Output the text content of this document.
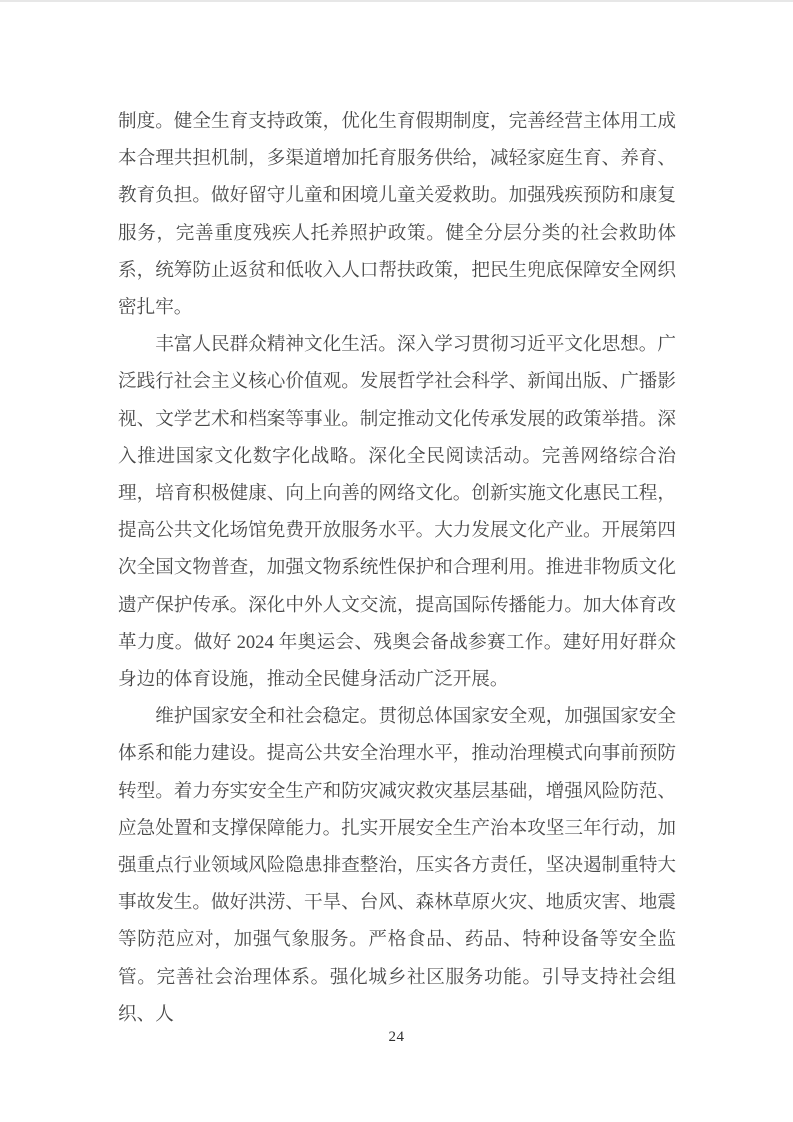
制度。健全生育支持政策，优化生育假期制度，完善经营主体用工成本合理共担机制，多渠道增加托育服务供给，减轻家庭生育、养育、教育负担。做好留守儿童和困境儿童关爱救助。加强残疾预防和康复服务，完善重度残疾人托养照护政策。健全分层分类的社会救助体系，统筹防止返贫和低收入人口帮扶政策，把民生兜底保障安全网织密扎牢。

丰富人民群众精神文化生活。深入学习贯彻习近平文化思想。广泛践行社会主义核心价值观。发展哲学社会科学、新闻出版、广播影视、文学艺术和档案等事业。制定推动文化传承发展的政策举措。深入推进国家文化数字化战略。深化全民阅读活动。完善网络综合治理，培育积极健康、向上向善的网络文化。创新实施文化惠民工程，提高公共文化场馆免费开放服务水平。大力发展文化产业。开展第四次全国文物普查，加强文物系统性保护和合理利用。推进非物质文化遗产保护传承。深化中外人文交流，提高国际传播能力。加大体育改革力度。做好 2024 年奥运会、残奥会备战参赛工作。建好用好群众身边的体育设施，推动全民健身活动广泛开展。

维护国家安全和社会稳定。贯彻总体国家安全观，加强国家安全体系和能力建设。提高公共安全治理水平，推动治理模式向事前预防转型。着力夯实安全生产和防灾减灾救灾基层基础，增强风险防范、应急处置和支撑保障能力。扎实开展安全生产治本攻坚三年行动，加强重点行业领域风险隐患排查整治，压实各方责任，坚决遏制重特大事故发生。做好洪涝、干旱、台风、森林草原火灾、地质灾害、地震等防范应对，加强气象服务。严格食品、药品、特种设备等安全监管。完善社会治理体系。强化城乡社区服务功能。引导支持社会组织、人

24
